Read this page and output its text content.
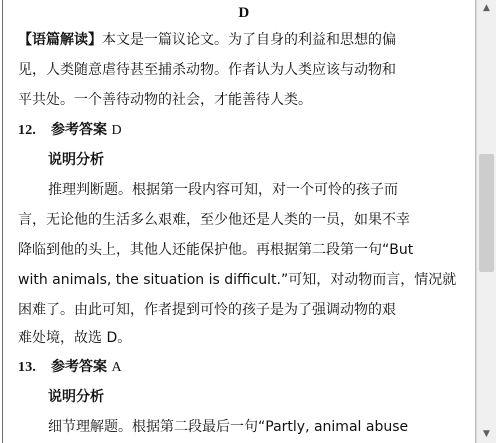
D
【语篇解读】本文是一篇议论文。为了自身的利益和思想的偏
见，人类随意虐待甚至捕杀动物。作者认为人类应该与动物和
平共处。一个善待动物的社会，才能善待人类。
12. 参考答案 D
说明分析
推理判断题。根据第一段内容可知，对一个可怜的孩子而
言，无论他的生活多么艰难，至少他还是人类的一员，如果不幸
降临到他的头上，其他人还能保护他。再根据第二段第一句“But
with animals, the situation is difficult.”可知，对动物而言，情况就
困难了。由此可知，作者提到可怜的孩子是为了强调动物的艰
难处境，故选 D。
13. 参考答案 A
说明分析
细节理解题。根据第二段最后一句“Partly, animal abuse
▲
▼
